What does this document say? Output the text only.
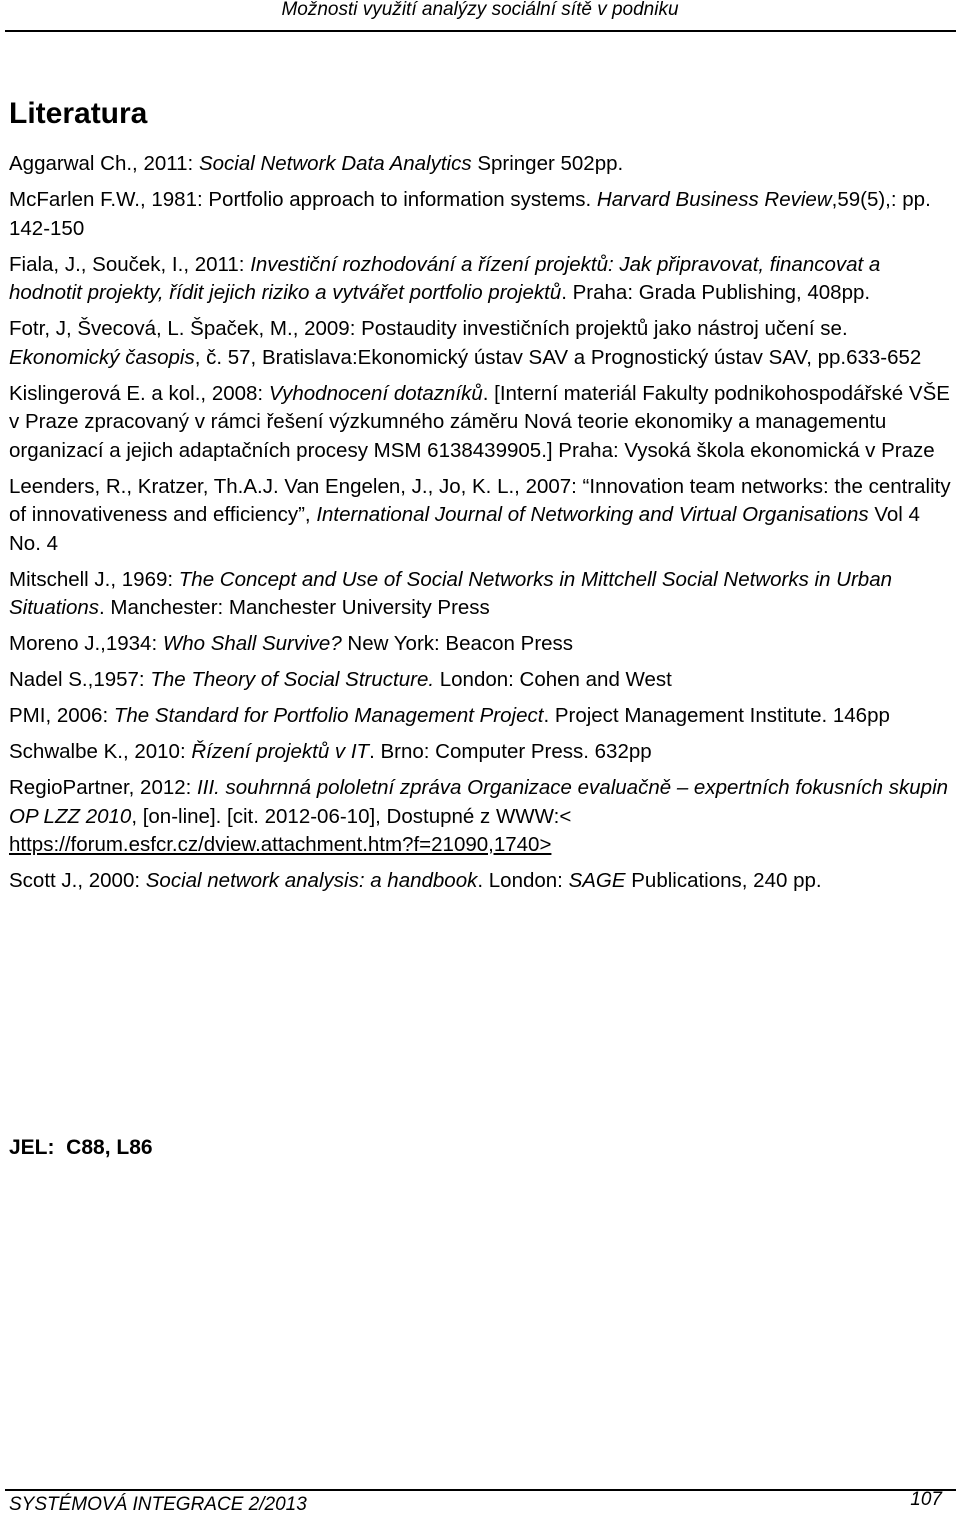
Možnosti využití analýzy sociální sítě v podniku
Literatura

Aggarwal Ch., 2011: Social Network Data Analytics Springer 502pp.

McFarlen F.W., 1981: Portfolio approach to information systems. Harvard Business Review,59(5),: pp. 142-150

Fiala, J., Souček, I., 2011: Investiční rozhodování a řízení projektů: Jak připravovat, financovat a hodnotit projekty, řídit jejich riziko a vytvářet portfolio projektů. Praha: Grada Publishing, 408pp.

Fotr, J, Švecová, L. Špaček, M., 2009: Postaudity investičních projektů jako nástroj učení se. Ekonomický časopis, č. 57, Bratislava:Ekonomický ústav SAV a Prognostický ústav SAV, pp.633-652

Kislingerová E. a kol., 2008: Vyhodnocení dotazníků. [Interní materiál Fakulty podnikohospodářské VŠE v Praze zpracovaný v rámci řešení výzkumného záměru Nová teorie ekonomiky a managementu organizací a jejich adaptačních procesy MSM 6138439905.] Praha: Vysoká škola ekonomická v Praze

Leenders, R., Kratzer, Th.A.J. Van Engelen, J., Jo, K. L., 2007: “Innovation team networks: the centrality of innovativeness and efficiency”, International Journal of Networking and Virtual Organisations Vol 4 No. 4

Mitschell J., 1969: The Concept and Use of Social Networks in Mittchell Social Networks in Urban Situations. Manchester: Manchester University Press

Moreno J.,1934: Who Shall Survive? New York: Beacon Press

Nadel S.,1957: The Theory of Social Structure. London: Cohen and West

PMI, 2006: The Standard for Portfolio Management Project. Project Management Institute. 146pp

Schwalbe K., 2010: Řízení projektů v IT. Brno: Computer Press. 632pp

RegioPartner, 2012: III. souhrnná pololetní zpráva Organizace evaluačně – expertních fokusních skupin OP LZZ 2010, [on-line]. [cit. 2012-06-10], Dostupné z WWW:< https://forum.esfcr.cz/dview.attachment.htm?f=21090,1740>

Scott J., 2000: Social network analysis: a handbook. London: SAGE Publications, 240 pp.

JEL:  C88, L86
SYSTÉMOVÁ INTEGRACE 2/2013	107
